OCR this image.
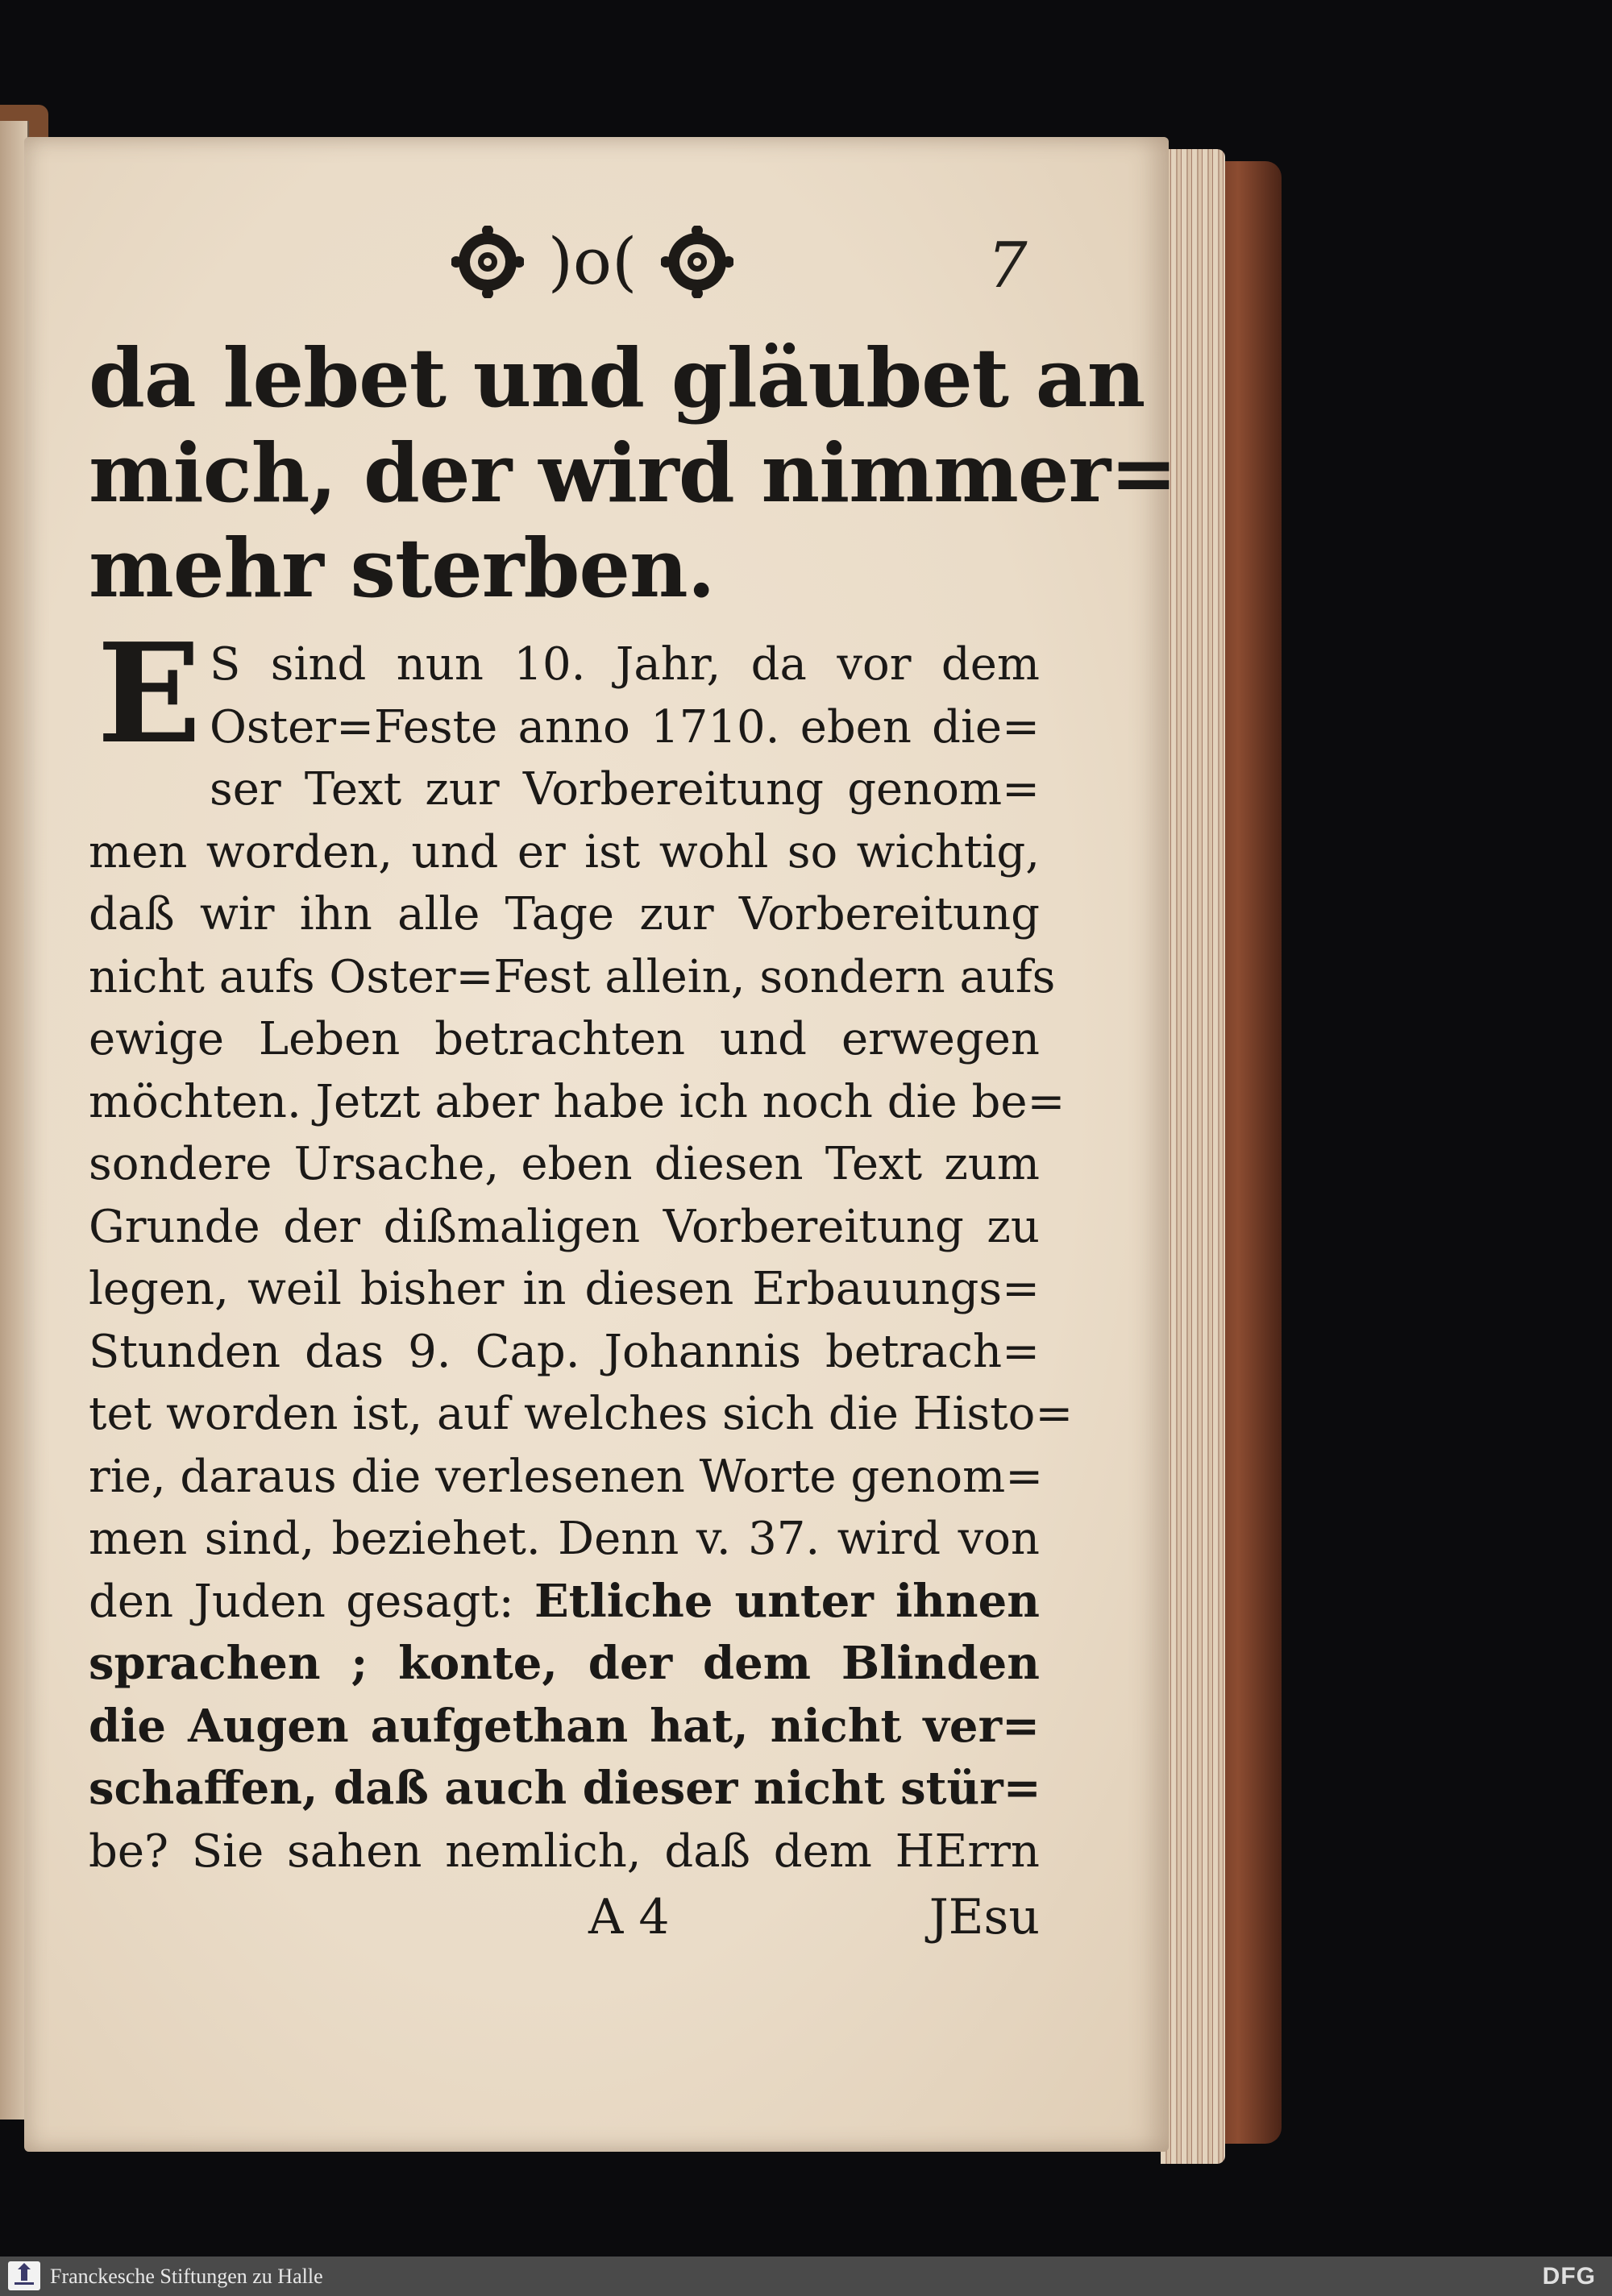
)o(	7
da lebet und gläubet an
mich, der wird nimmer=
mehr sterben.
E S sind nun 10. Jahr, da vor dem
Oster=Feste anno 1710. eben die=
ser Text zur Vorbereitung genom=
men worden, und er ist wohl so wichtig,
daß wir ihn alle Tage zur Vorbereitung
nicht aufs Oster=Fest allein, sondern aufs
ewige Leben betrachten und erwegen
möchten. Jetzt aber habe ich noch die be=
sondere Ursache, eben diesen Text zum
Grunde der dißmaligen Vorbereitung zu
legen, weil bisher in diesen Erbauungs=
Stunden das 9. Cap. Johannis betrach=
tet worden ist, auf welches sich die Histo=
rie, daraus die verlesenen Worte genom=
men sind, beziehet. Denn v. 37. wird von
den Juden gesagt: Etliche unter ihnen
sprachen ; konte, der dem Blinden
die Augen aufgethan hat, nicht ver=
schaffen, daß auch dieser nicht stür=
be? Sie sahen nemlich, daß dem HErrn
A 4	JEsu
Franckesche Stiftungen zu Halle	DFG
